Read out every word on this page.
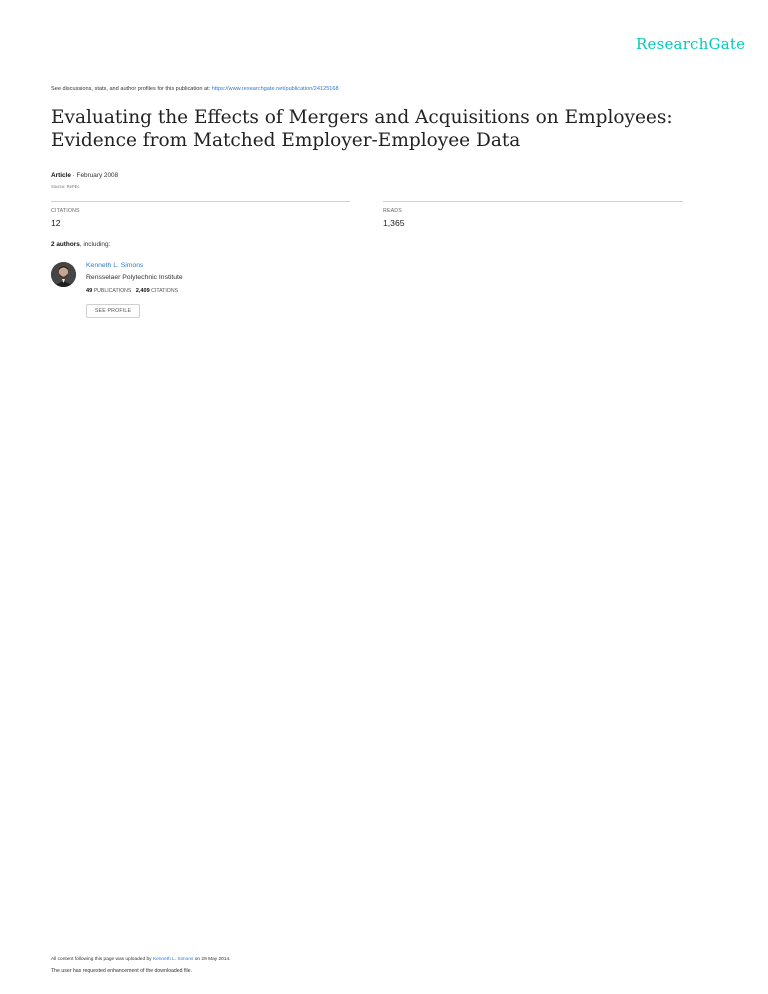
ResearchGate
See discussions, stats, and author profiles for this publication at: https://www.researchgate.net/publication/24125168
Evaluating the Effects of Mergers and Acquisitions on Employees: Evidence from Matched Employer-Employee Data
Article · February 2008
Source: RePEc
CITATIONS
12
READS
1,365
2 authors, including:
Kenneth L. Simons
Rensselaer Polytechnic Institute
49 PUBLICATIONS 2,409 CITATIONS
SEE PROFILE
All content following this page was uploaded by Kenneth L. Simons on 29 May 2014.
The user has requested enhancement of the downloaded file.
